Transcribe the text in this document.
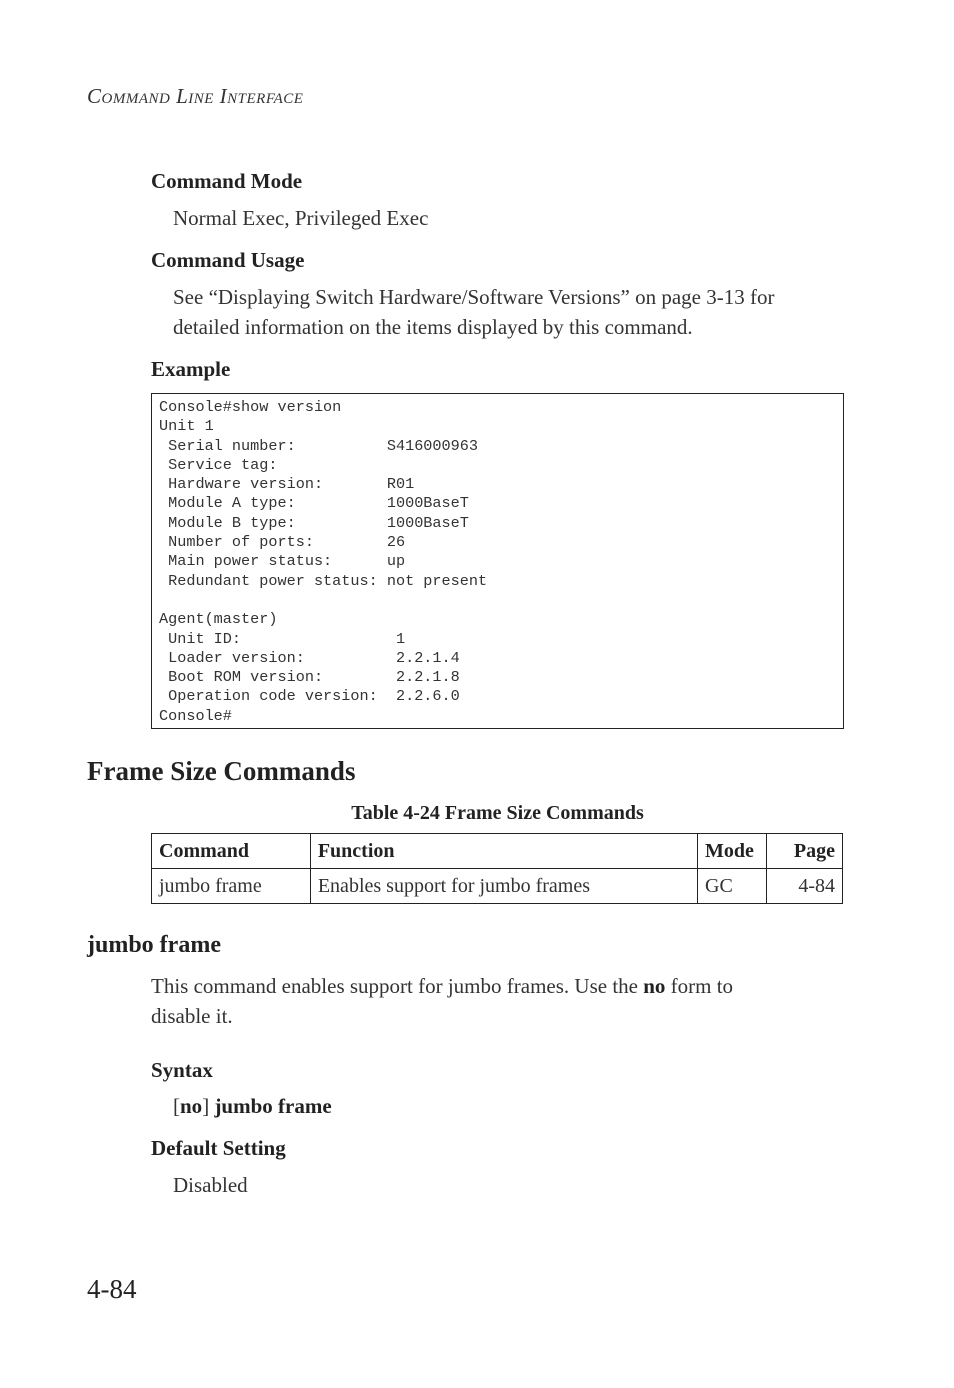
Command Line Interface
Command Mode
Normal Exec, Privileged Exec
Command Usage
See “Displaying Switch Hardware/Software Versions” on page 3-13 for
detailed information on the items displayed by this command.
Example
Console#show version
Unit 1
Serial number:          S416000963
Service tag:
Hardware version:       R01
Module A type:          1000BaseT
Module B type:          1000BaseT
Number of ports:        26
Main power status:      up
Redundant power status: not present

Agent(master)
Unit ID:                 1
Loader version:          2.2.1.4
Boot ROM version:        2.2.1.8
Operation code version:  2.2.6.0
Console#
Frame Size Commands
Table 4-24 Frame Size Commands
Command	Function	Mode	Page
jumbo frame	Enables support for jumbo frames	GC	4-84
jumbo frame
This command enables support for jumbo frames. Use the no form to
disable it.
Syntax
[no] jumbo frame
Default Setting
Disabled
4-84
